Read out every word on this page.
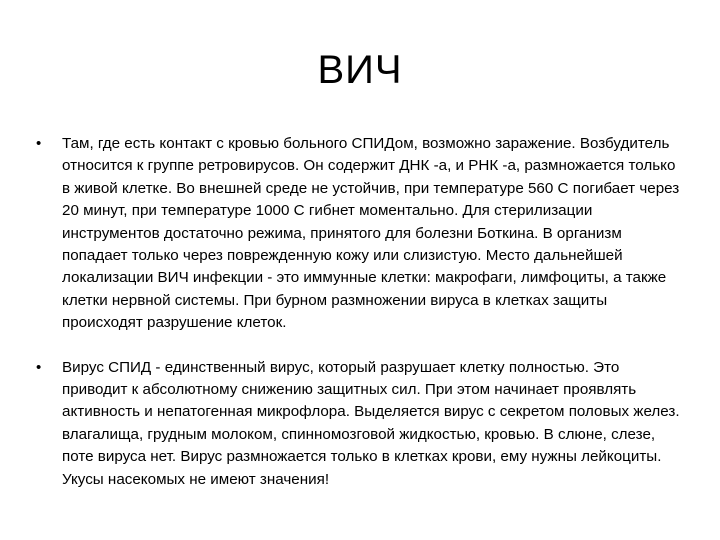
ВИЧ
• Там, где есть контакт с кровью больного СПИДом, возможно заражение. Возбудитель относится к группе ретровирусов. Он содержит ДНК -а, и РНК -а, размножается только в живой клетке. Во внешней среде не устойчив, при температуре 560 С погибает через 20 минут, при температуре 1000 С гибнет моментально. Для стерилизации инструментов достаточно режима, принятого для болезни Боткина. В организм попадает только через поврежденную кожу или слизистую. Место дальнейшей локализации ВИЧ инфекции - это иммунные клетки: макрофаги, лимфоциты, а также клетки нервной системы. При бурном размножении вируса в клетках защиты происходят разрушение клеток.
• Вирус СПИД - единственный вирус, который разрушает клетку полностью. Это приводит к абсолютному снижению защитных сил. При этом начинает проявлять активность и непатогенная микрофлора. Выделяется вирус с секретом половых желез. влагалища, грудным молоком, спинномозговой жидкостью, кровью. В слюне, слезе, поте вируса нет. Вирус размножается только в клетках крови, ему нужны лейкоциты. Укусы насекомых не имеют значения!
